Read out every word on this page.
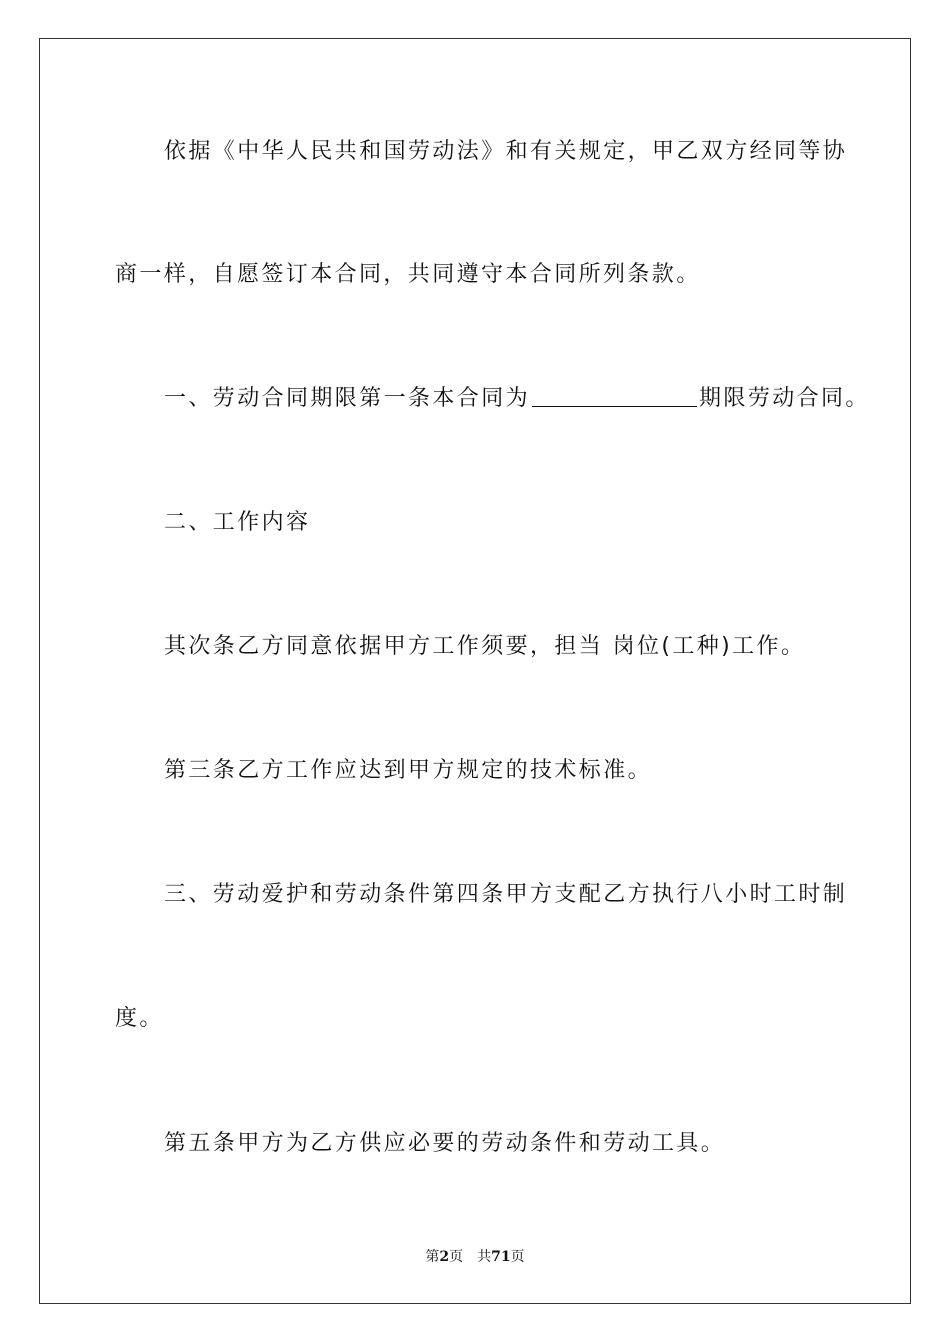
依据《中华人民共和国劳动法》和有关规定，甲乙双方经同等协
商一样，自愿签订本合同，共同遵守本合同所列条款。
一、劳动合同期限第一条本合同为	期限劳动合同。
二、工作内容
其次条乙方同意依据甲方工作须要，担当 岗位(工种)工作。
第三条乙方工作应达到甲方规定的技术标准。
三、劳动爱护和劳动条件第四条甲方支配乙方执行八小时工时制
度。
第五条甲方为乙方供应必要的劳动条件和劳动工具。
第2页 共71页
